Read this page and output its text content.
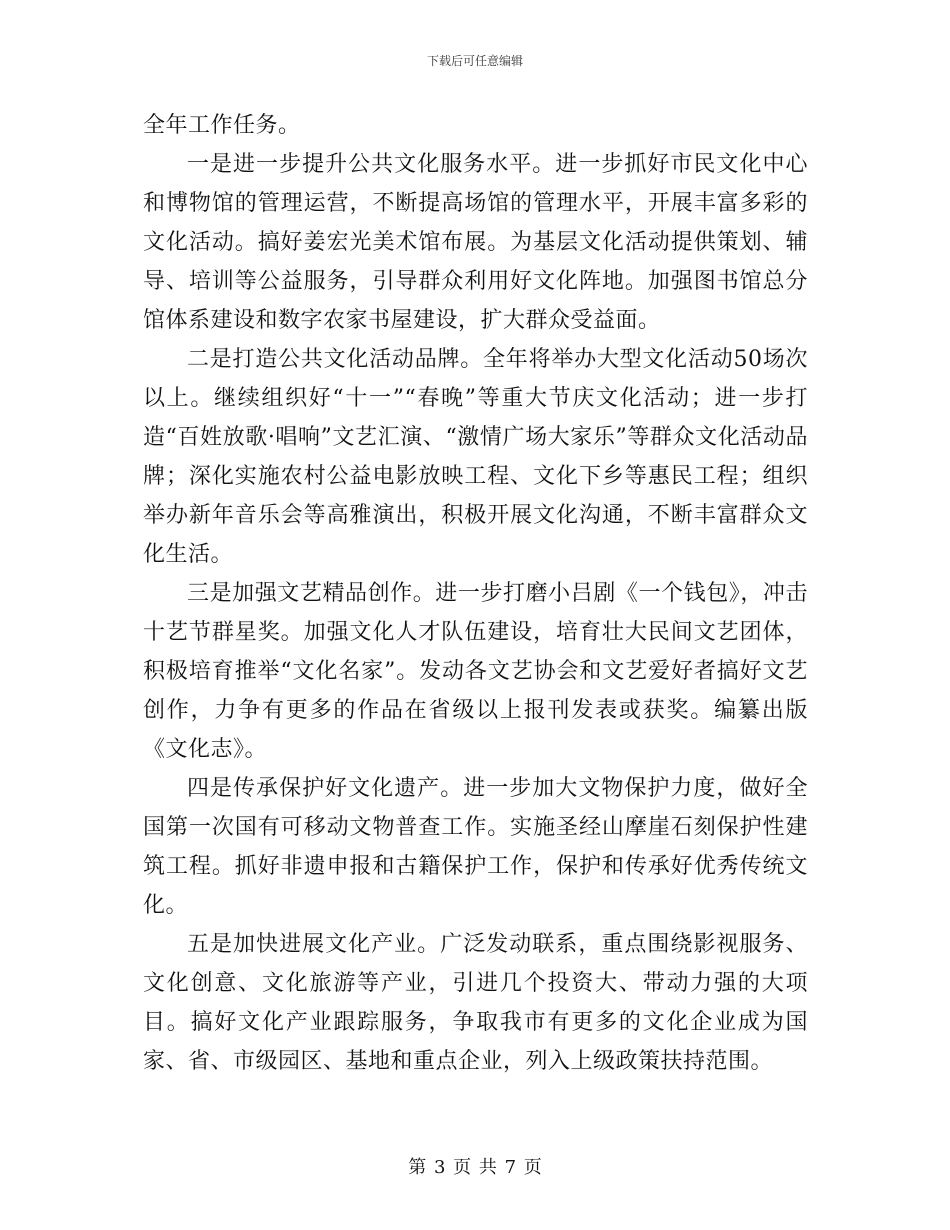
下载后可任意编辑

全年工作任务。

一是进一步提升公共文化服务水平。进一步抓好市民文化中心和博物馆的管理运营，不断提高场馆的管理水平，开展丰富多彩的文化活动。搞好姜宏光美术馆布展。为基层文化活动提供策划、辅导、培训等公益服务，引导群众利用好文化阵地。加强图书馆总分馆体系建设和数字农家书屋建设，扩大群众受益面。

二是打造公共文化活动品牌。全年将举办大型文化活动50场次以上。继续组织好“十一”“春晚”等重大节庆文化活动；进一步打造“百姓放歌·唱响”文艺汇演、“激情广场大家乐”等群众文化活动品牌；深化实施农村公益电影放映工程、文化下乡等惠民工程；组织举办新年音乐会等高雅演出，积极开展文化沟通，不断丰富群众文化生活。

三是加强文艺精品创作。进一步打磨小吕剧《一个钱包》，冲击十艺节群星奖。加强文化人才队伍建设，培育壮大民间文艺团体，积极培育推举“文化名家”。发动各文艺协会和文艺爱好者搞好文艺创作，力争有更多的作品在省级以上报刊发表或获奖。编纂出版《文化志》。

四是传承保护好文化遗产。进一步加大文物保护力度，做好全国第一次国有可移动文物普查工作。实施圣经山摩崖石刻保护性建筑工程。抓好非遗申报和古籍保护工作，保护和传承好优秀传统文化。

五是加快进展文化产业。广泛发动联系，重点围绕影视服务、文化创意、文化旅游等产业，引进几个投资大、带动力强的大项目。搞好文化产业跟踪服务，争取我市有更多的文化企业成为国家、省、市级园区、基地和重点企业，列入上级政策扶持范围。

第 3 页 共 7 页
